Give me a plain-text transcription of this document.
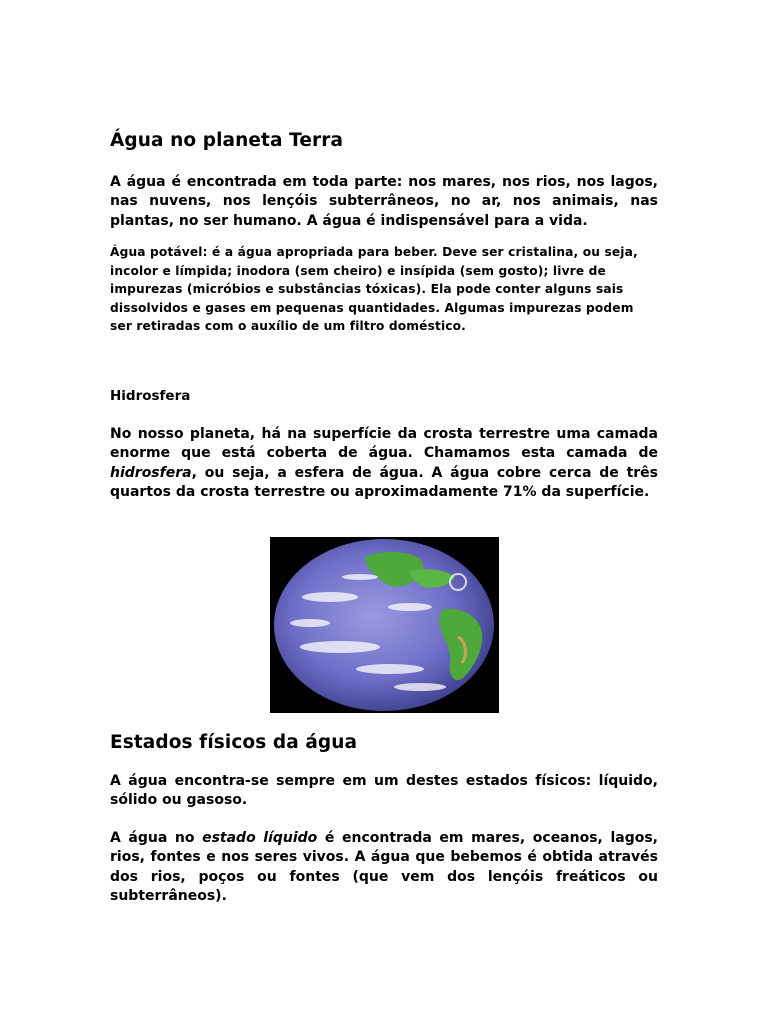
Água no planeta Terra

A água é encontrada em toda parte: nos mares, nos rios, nos lagos, nas nuvens, nos lençóis subterrâneos, no ar, nos animais, nas plantas, no ser humano. A água é indispensável para a vida.

Água potável: é a água apropriada para beber. Deve ser cristalina, ou seja, incolor e límpida; inodora (sem cheiro) e insípida (sem gosto); livre de impurezas (micróbios e substâncias tóxicas). Ela pode conter alguns sais dissolvidos e gases em pequenas quantidades. Algumas impurezas podem ser retiradas com o auxílio de um filtro doméstico.

Hidrosfera

No nosso planeta, há na superfície da crosta terrestre uma camada enorme que está coberta de água. Chamamos esta camada de hidrosfera, ou seja, a esfera de água. A água cobre cerca de três quartos da crosta terrestre ou aproximadamente 71% da superfície.

Estados físicos da água

A água encontra-se sempre em um destes estados físicos: líquido, sólido ou gasoso.

A água no estado líquido é encontrada em mares, oceanos, lagos, rios, fontes e nos seres vivos. A água que bebemos é obtida através dos rios, poços ou fontes (que vem dos lençóis freáticos ou subterrâneos).
